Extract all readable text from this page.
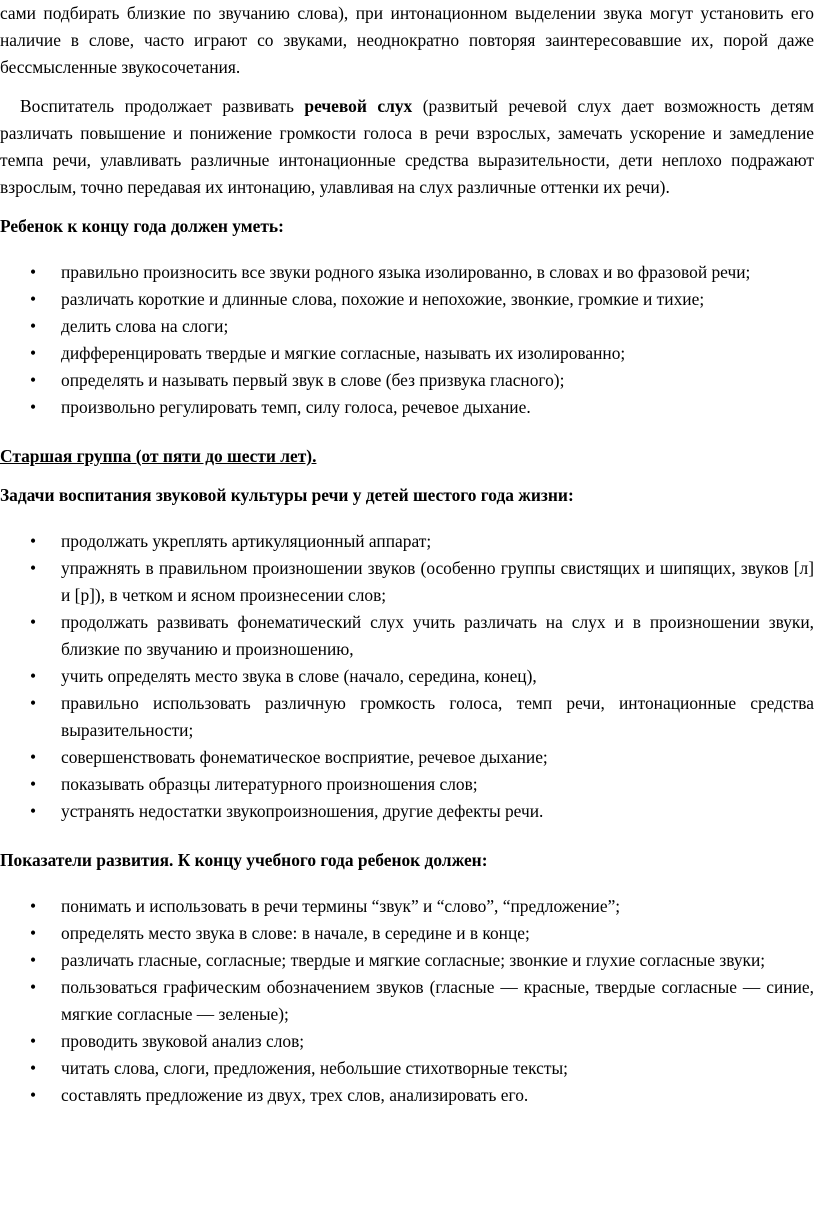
сами подбирать близкие по звучанию слова), при интонационном выделении звука могут установить его наличие в слове, часто играют со звуками, неоднократно повторяя заинтересовавшие их, порой даже бессмысленные звукосочетания.

Воспитатель продолжает развивать речевой слух (развитый речевой слух дает возможность детям различать повышение и понижение громкости голоса в речи взрослых, замечать ускорение и замедление темпа речи, улавливать различные интонационные средства выразительности, дети неплохо подражают взрослым, точно передавая их интонацию, улавливая на слух различные оттенки их речи).

Ребенок к концу года должен уметь:

• правильно произносить все звуки родного языка изолированно, в словах и во фразовой речи;
• различать короткие и длинные слова, похожие и непохожие, звонкие, громкие и тихие;
• делить слова на слоги;
• дифференцировать твердые и мягкие согласные, называть их изолированно;
• определять и называть первый звук в слове (без призвука гласного);
• произвольно регулировать темп, силу голоса, речевое дыхание.

Старшая группа (от пяти до шести лет).

Задачи воспитания звуковой культуры речи у детей шестого года жизни:

• продолжать укреплять артикуляционный аппарат;
• упражнять в правильном произношении звуков (особенно группы свистящих и шипящих, звуков [л] и [р]), в четком и ясном произнесении слов;
• продолжать развивать фонематический слух учить различать на слух и в произношении звуки, близкие по звучанию и произношению,
• учить определять место звука в слове (начало, середина, конец),
• правильно использовать различную громкость голоса, темп речи, интонационные средства выразительности;
• совершенствовать фонематическое восприятие, речевое дыхание;
• показывать образцы литературного произношения слов;
• устранять недостатки звукопроизношения, другие дефекты речи.

Показатели развития. К концу учебного года ребенок должен:

• понимать и использовать в речи термины “звук” и “слово”, “предложение”;
• определять место звука в слове: в начале, в середине и в конце;
• различать гласные, согласные; твердые и мягкие согласные; звонкие и глухие согласные звуки;
• пользоваться графическим обозначением звуков (гласные — красные, твердые согласные — синие, мягкие согласные — зеленые);
• проводить звуковой анализ слов;
• читать слова, слоги, предложения, небольшие стихотворные тексты;
• составлять предложение из двух, трех слов, анализировать его.
